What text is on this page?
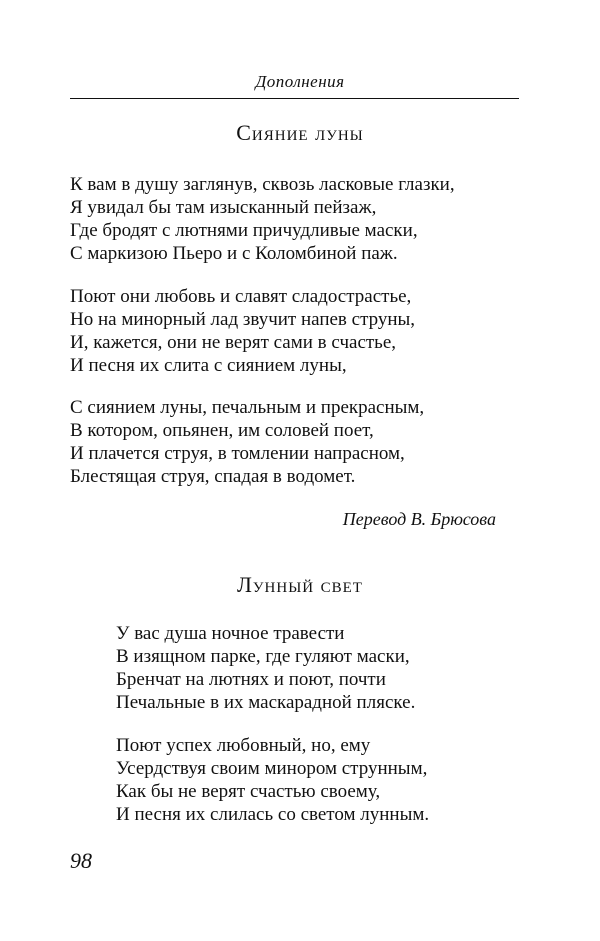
Дополнения
Сияние луны
К вам в душу заглянув, сквозь ласковые глазки,
Я увидал бы там изысканный пейзаж,
Где бродят с лютнями причудливые маски,
С маркизою Пьеро и с Коломбиной паж.
Поют они любовь и славят сладострастье,
Но на минорный лад звучит напев струны,
И, кажется, они не верят сами в счастье,
И песня их слита с сиянием луны,
С сиянием луны, печальным и прекрасным,
В котором, опьянен, им соловей поет,
И плачется струя, в томлении напрасном,
Блестящая струя, спадая в водомет.
Перевод В. Брюсова
Лунный свет
У вас душа ночное травести
В изящном парке, где гуляют маски,
Бренчат на лютнях и поют, почти
Печальные в их маскарадной пляске.
Поют успех любовный, но, ему
Усердствуя своим минором струнным,
Как бы не верят счастью своему,
И песня их слилась со светом лунным.
98
